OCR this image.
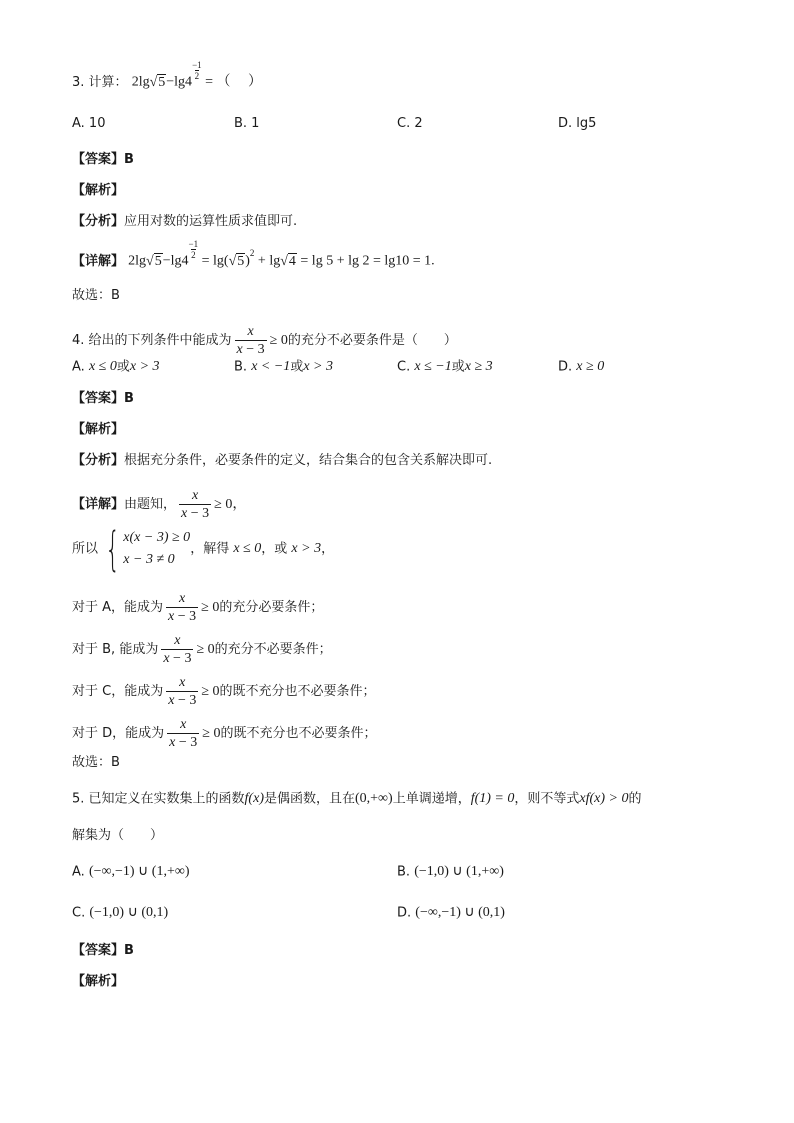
3. 计算： 2lg√5−lg4
$\frac{-1}{2}$
= （　 ）
A. 10	B. 1	C. 2	D. lg5
【答案】B
【解析】
【分析】应用对数的运算性质求值即可.
【详解】 2lg√5−lg4
$\frac{-1}{2}$
= $\lg(√5)^2 + \lg√4 = \lg 5 + \lg 2 = \lg 10 = 1$.
故选：B
4. 给出的下列条件中能成为 $\frac{x}{x - 3} \ge 0$的充分不必要条件是（　　）
A. x ≤ 0或x > 3	B. x < −1或x > 3	C. x ≤ −1或x ≥ 3	D. x ≥ 0
【答案】B
【解析】
【分析】根据充分条件，必要条件的定义，结合集合的包含关系解决即可.
【详解】由题知， $\frac{x}{x - 3} \ge 0$，
所以 { x(x − 3) ≥ 0
x − 3 ≠ 0
，解得 x ≤ 0，或 x > 3，
对于 A，能成为 $\frac{x}{x - 3} \ge 0$的充分必要条件；
对于 B, 能成为 $\frac{x}{x - 3} \ge 0$的充分不必要条件；
对于 C，能成为 $\frac{x}{x - 3} \ge 0$的既不充分也不必要条件；
对于 D，能成为 $\frac{x}{x - 3} \ge 0$的既不充分也不必要条件；
故选：B
5. 已知定义在实数集上的函数f(x)是偶函数，且在(0,+∞)上单调递增，f(1) = 0，则不等式xf(x) > 0的
解集为（　　）
A. (−∞,−1) ∪ (1,+∞)	B. (−1,0) ∪ (1,+∞)
C. (−1,0) ∪ (0,1)	D. (−∞,−1) ∪ (0,1)
【答案】B
【解析】
